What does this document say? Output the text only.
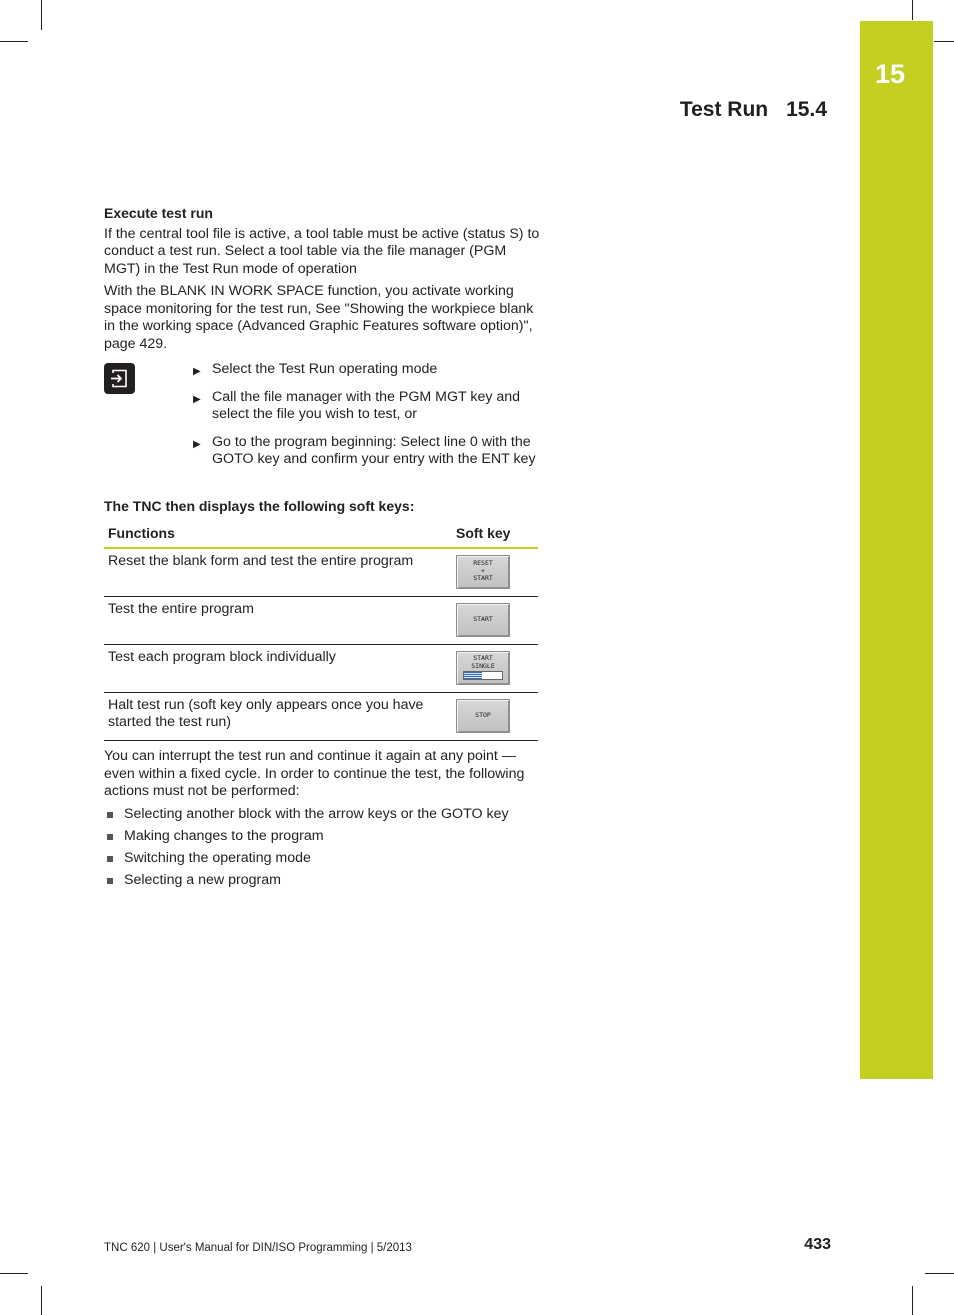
15
Test Run 15.4
Execute test run

If the central tool file is active, a tool table must be active (status S) to conduct a test run. Select a tool table via the file manager (PGM MGT) in the Test Run mode of operation

With the BLANK IN WORK SPACE function, you activate working space monitoring for the test run, See "Showing the workpiece blank in the working space (Advanced Graphic Features software option)", page 429.

▶ Select the Test Run operating mode
▶ Call the file manager with the PGM MGT key and select the file you wish to test, or
▶ Go to the program beginning: Select line 0 with the GOTO key and confirm your entry with the ENT key
The TNC then displays the following soft keys:
Functions	Soft key
Reset the blank form and test the entire program	RESET
+
START

Test the entire program	START

Test each program block individually	START
SINGLE

Halt test run (soft key only appears once you have started the test run)	STOP

You can interrupt the test run and continue it again at any point —even within a fixed cycle. In order to continue the test, the following actions must not be performed:

Selecting another block with the arrow keys or the GOTO key
Making changes to the program
Switching the operating mode
Selecting a new program
TNC 620 | User's Manual for DIN/ISO Programming | 5/2013	433
